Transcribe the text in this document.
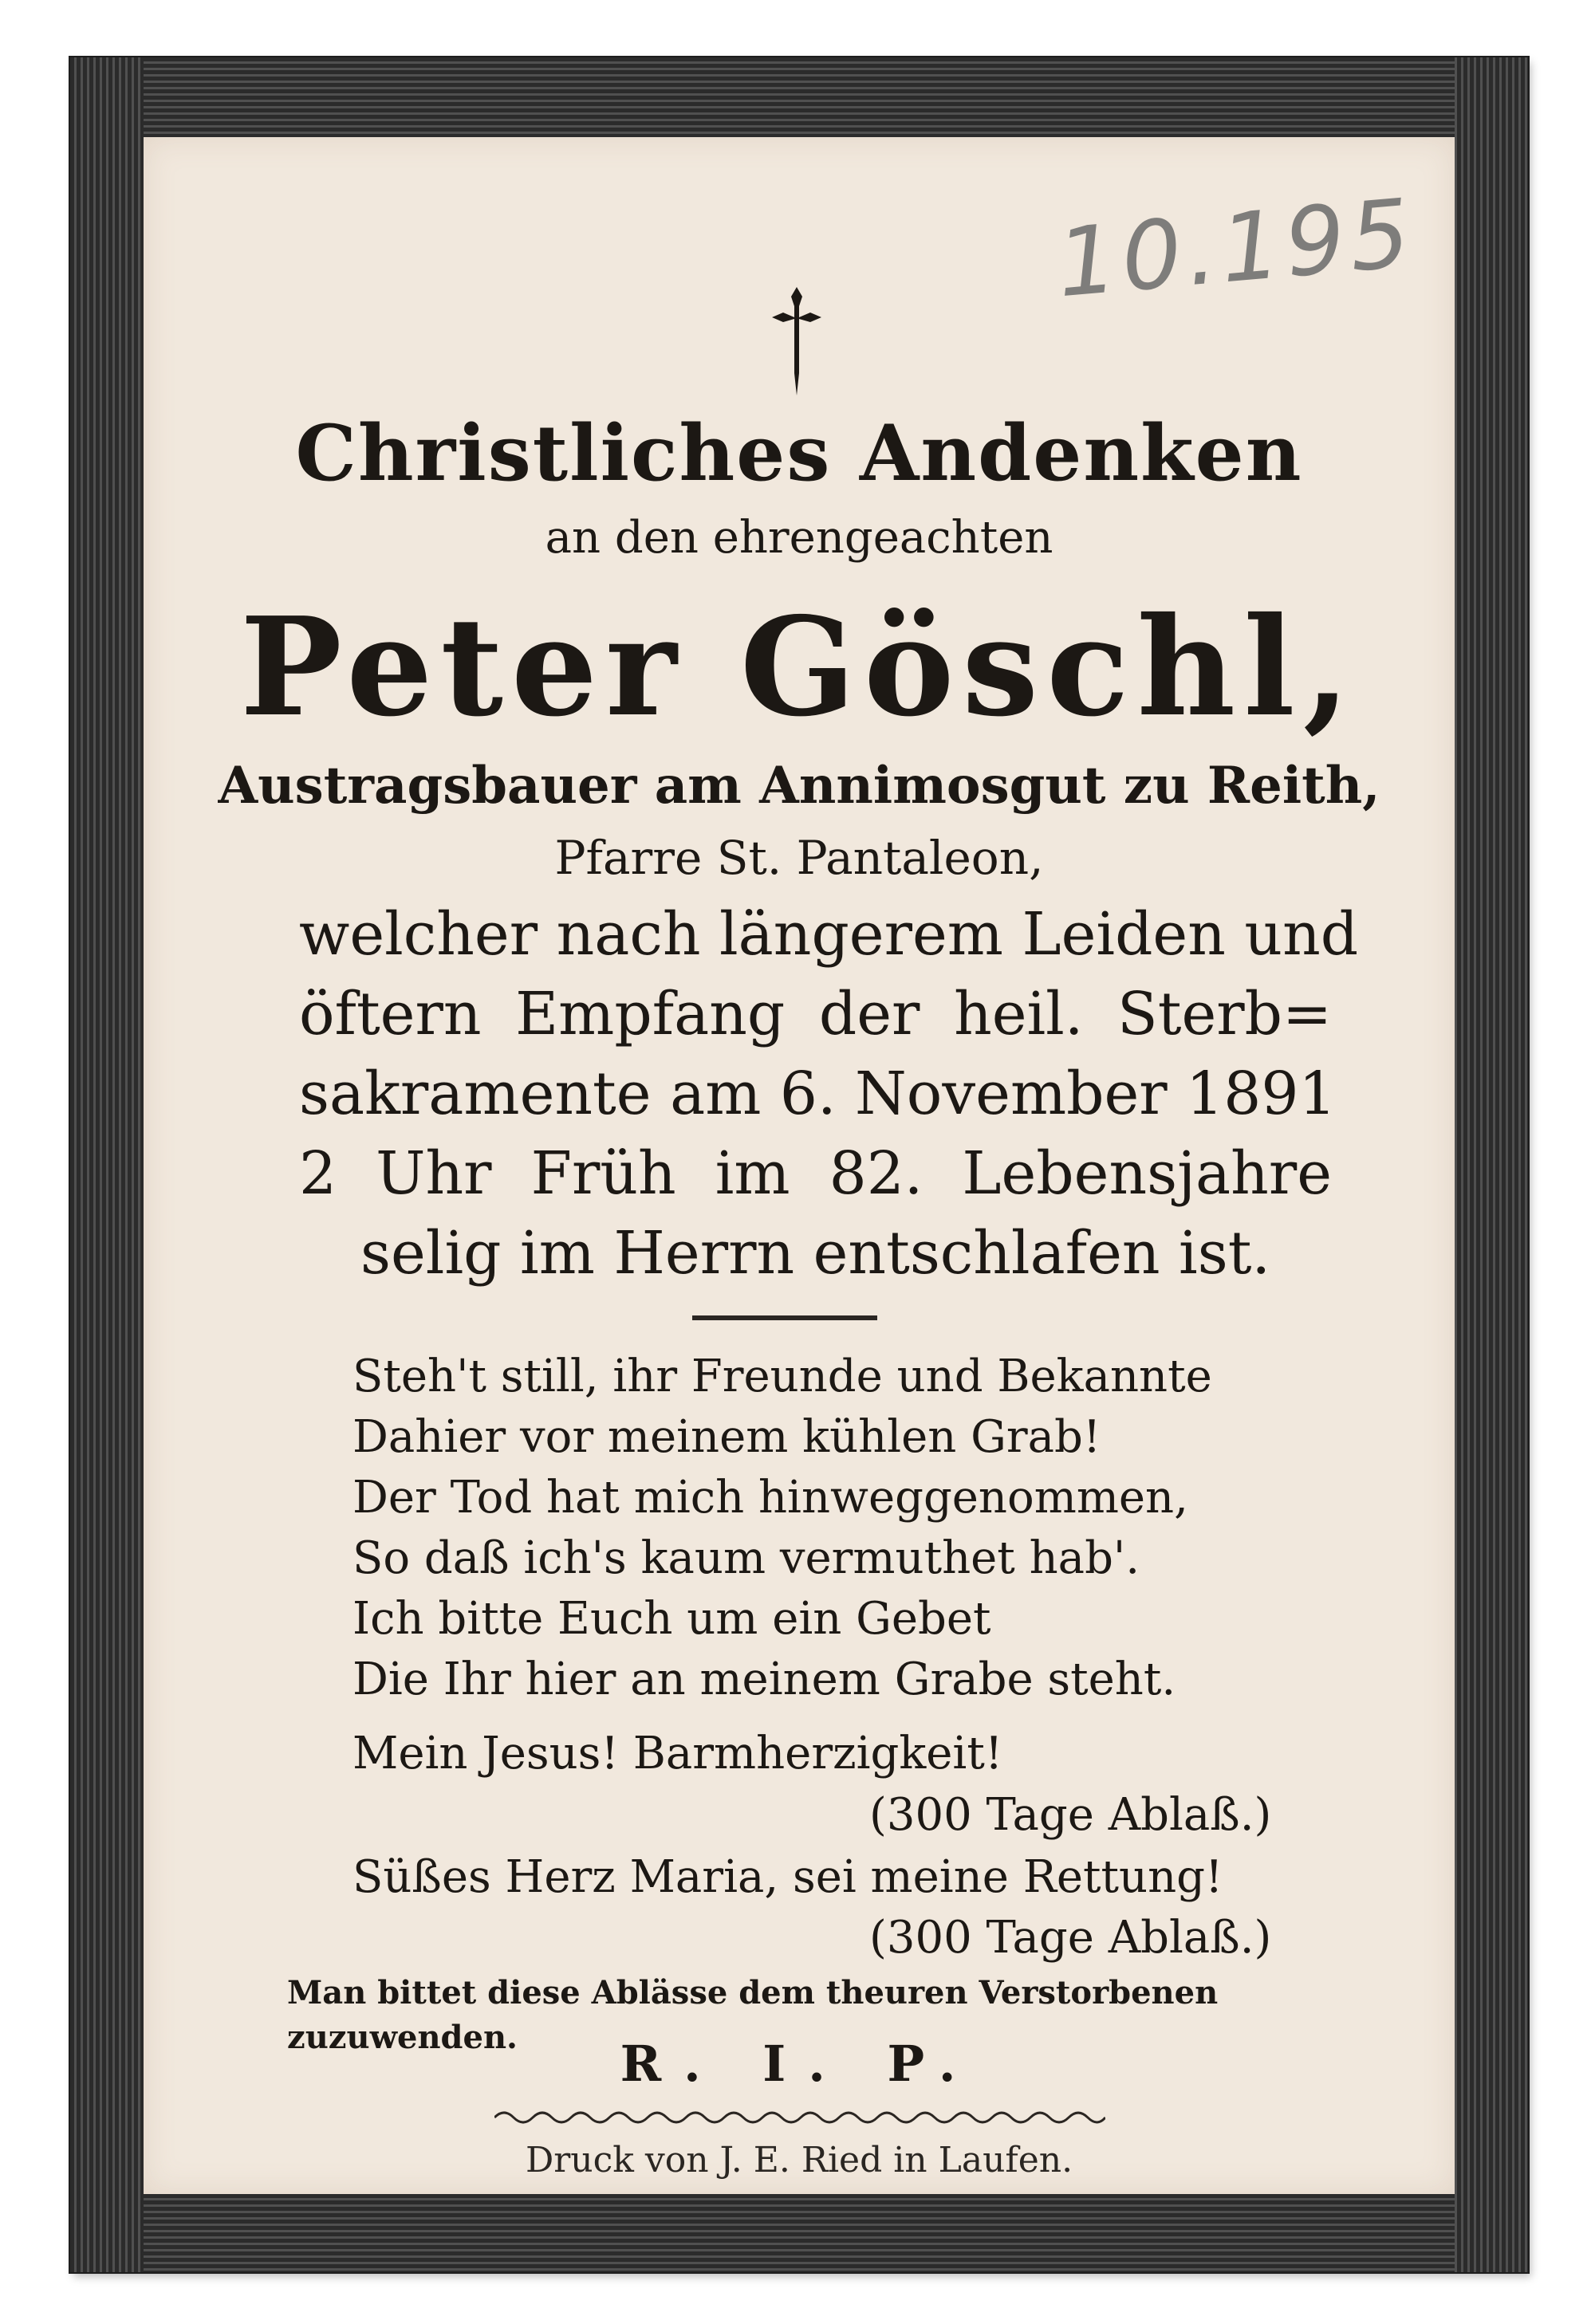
10.195
Christliches Andenken
an den ehrengeachten
Peter Göschl,
Austragsbauer am Annimosgut zu Reith,
Pfarre St. Pantaleon,
welcher nach längerem Leiden und
öftern Empfang der heil. Sterb=
sakramente am 6. November 1891
2 Uhr Früh im 82. Lebensjahre
selig im Herrn entschlafen ist.
Steh't still, ihr Freunde und Bekannte
Dahier vor meinem kühlen Grab!
Der Tod hat mich hinweggenommen,
So daß ich's kaum vermuthet hab'.
Ich bitte Euch um ein Gebet
Die Ihr hier an meinem Grabe steht.
Mein Jesus! Barmherzigkeit!
(300 Tage Ablaß.)
Süßes Herz Maria, sei meine Rettung!
(300 Tage Ablaß.)
Man bittet diese Ablässe dem theuren Verstorbenen
zuzuwenden.	R. I. P.
Druck von J. E. Ried in Laufen.
